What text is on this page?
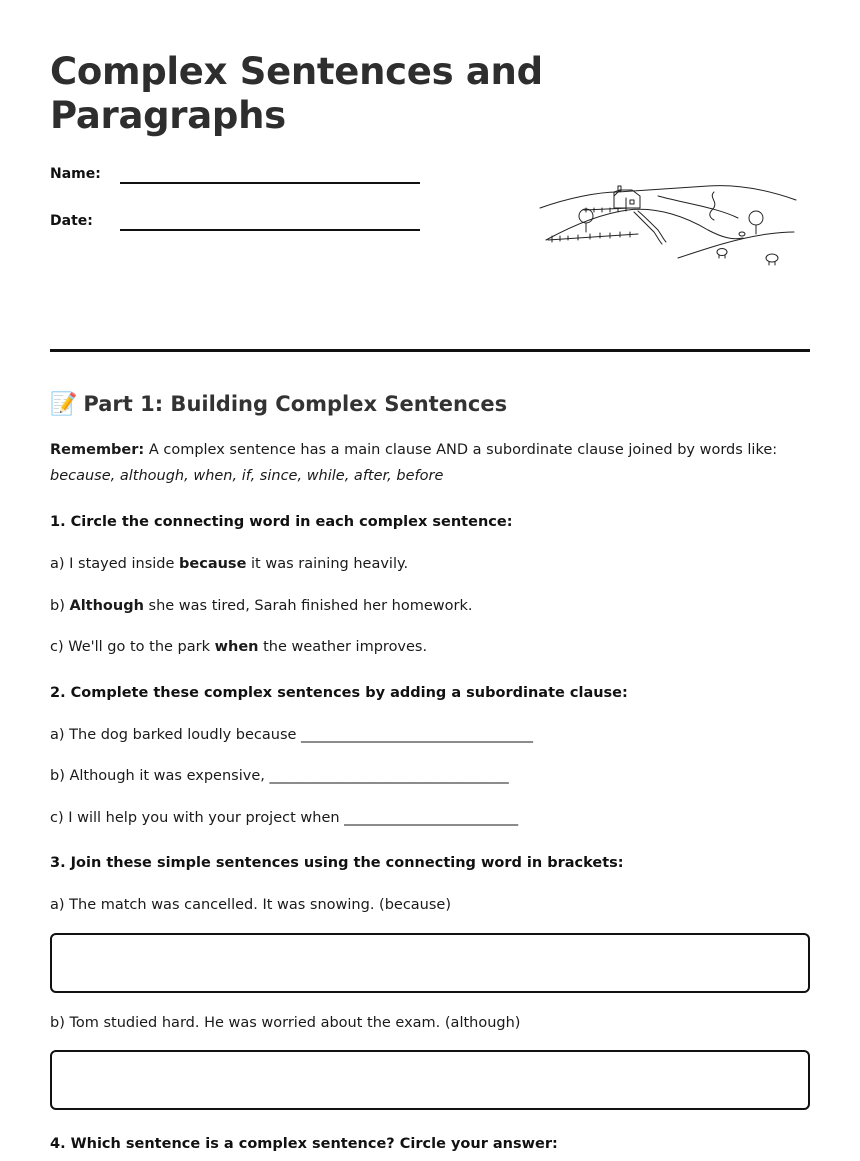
Complex Sentences and Paragraphs
Name:
Date:
📝 Part 1: Building Complex Sentences

Remember: A complex sentence has a main clause AND a subordinate clause joined by words like:
because, although, when, if, since, while, after, before

1. Circle the connecting word in each complex sentence:

a) I stayed inside because it was raining heavily.

b) Although she was tired, Sarah finished her homework.

c) We'll go to the park when the weather improves.

2. Complete these complex sentences by adding a subordinate clause:

a) The dog barked loudly because ________________________________

b) Although it was expensive, _________________________________

c) I will help you with your project when ________________________

3. Join these simple sentences using the connecting word in brackets:

a) The match was cancelled. It was snowing. (because)

b) Tom studied hard. He was worried about the exam. (although)

4. Which sentence is a complex sentence? Circle your answer:
